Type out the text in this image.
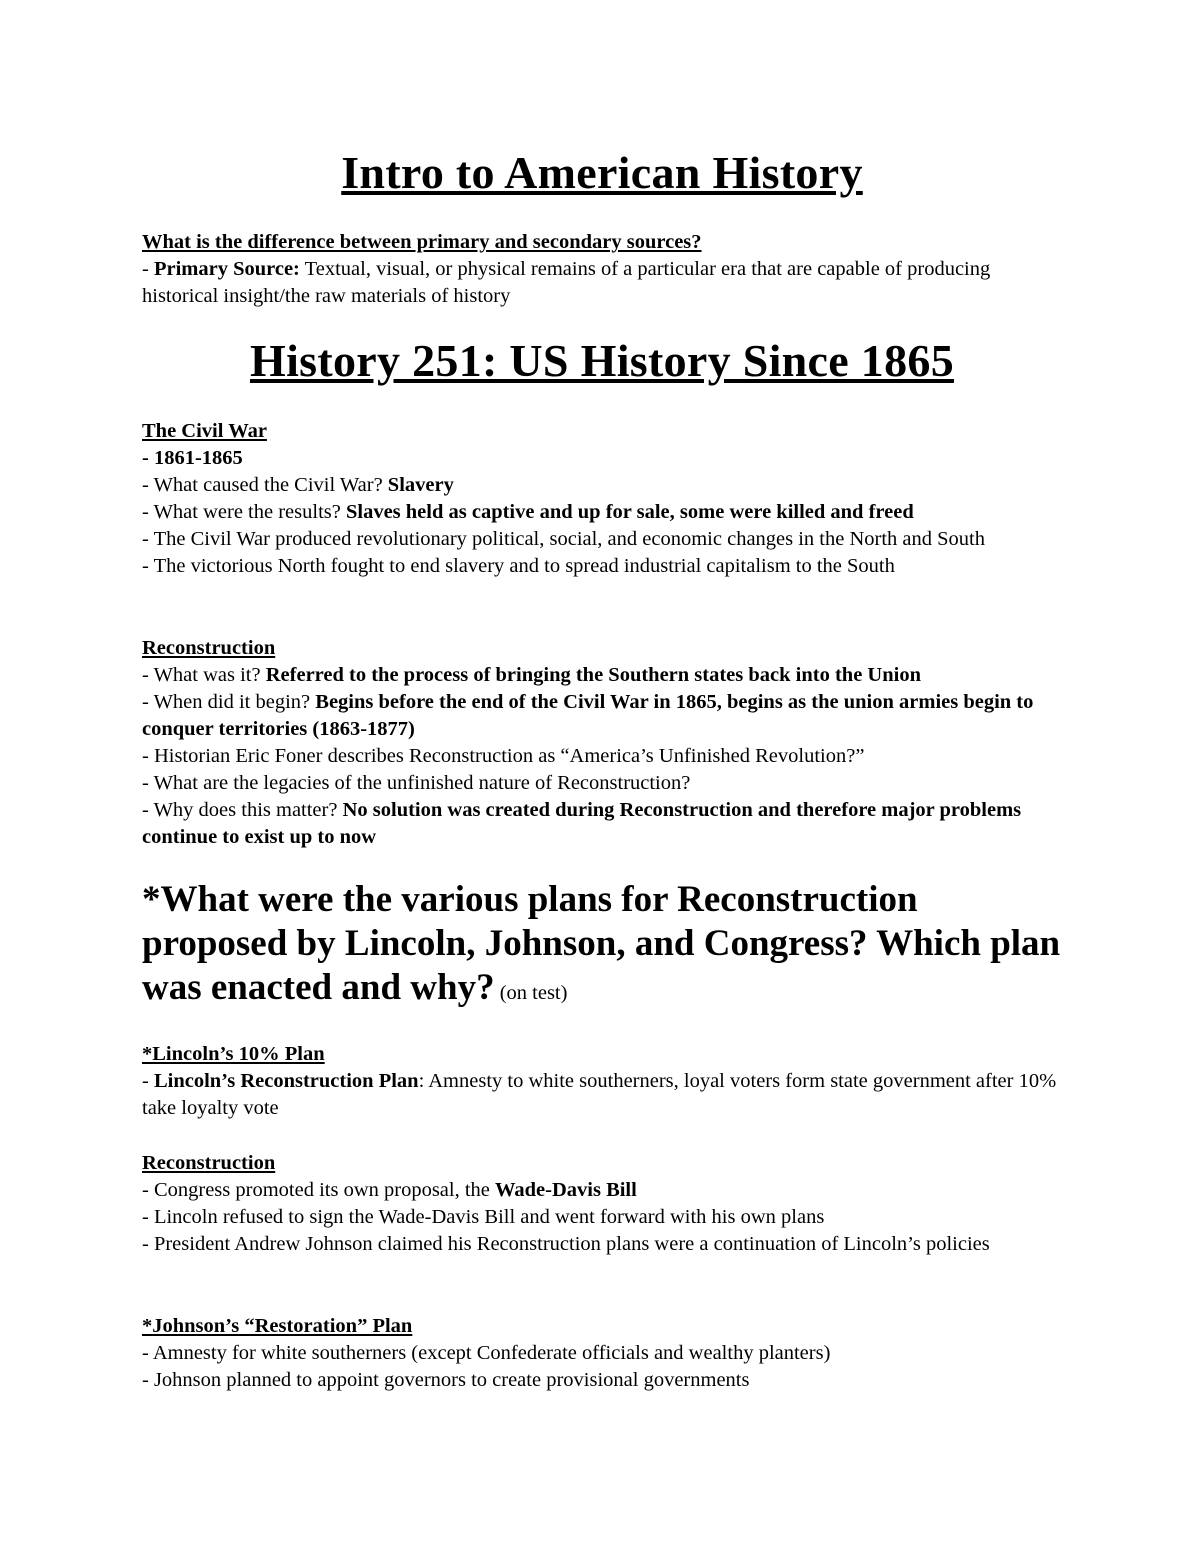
Intro to American History

What is the difference between primary and secondary sources?

- Primary Source: Textual, visual, or physical remains of a particular era that are capable of producing historical insight/the raw materials of history

History 251: US History Since 1865

The Civil War

- 1861-1865

- What caused the Civil War? Slavery

- What were the results? Slaves held as captive and up for sale, some were killed and freed

- The Civil War produced revolutionary political, social, and economic changes in the North and South

- The victorious North fought to end slavery and to spread industrial capitalism to the South

Reconstruction

- What was it? Referred to the process of bringing the Southern states back into the Union

- When did it begin? Begins before the end of the Civil War in 1865, begins as the union armies begin to conquer territories (1863-1877)

- Historian Eric Foner describes Reconstruction as “America’s Unfinished Revolution?”

- What are the legacies of the unfinished nature of Reconstruction?

- Why does this matter? No solution was created during Reconstruction and therefore major problems continue to exist up to now

*What were the various plans for Reconstruction proposed by Lincoln, Johnson, and Congress? Which plan was enacted and why? (on test)

*Lincoln’s 10% Plan

- Lincoln’s Reconstruction Plan: Amnesty to white southerners, loyal voters form state government after 10% take loyalty vote

Reconstruction

- Congress promoted its own proposal, the Wade-Davis Bill

- Lincoln refused to sign the Wade-Davis Bill and went forward with his own plans

- President Andrew Johnson claimed his Reconstruction plans were a continuation of Lincoln’s policies

*Johnson’s “Restoration” Plan

- Amnesty for white southerners (except Confederate officials and wealthy planters)

- Johnson planned to appoint governors to create provisional governments
